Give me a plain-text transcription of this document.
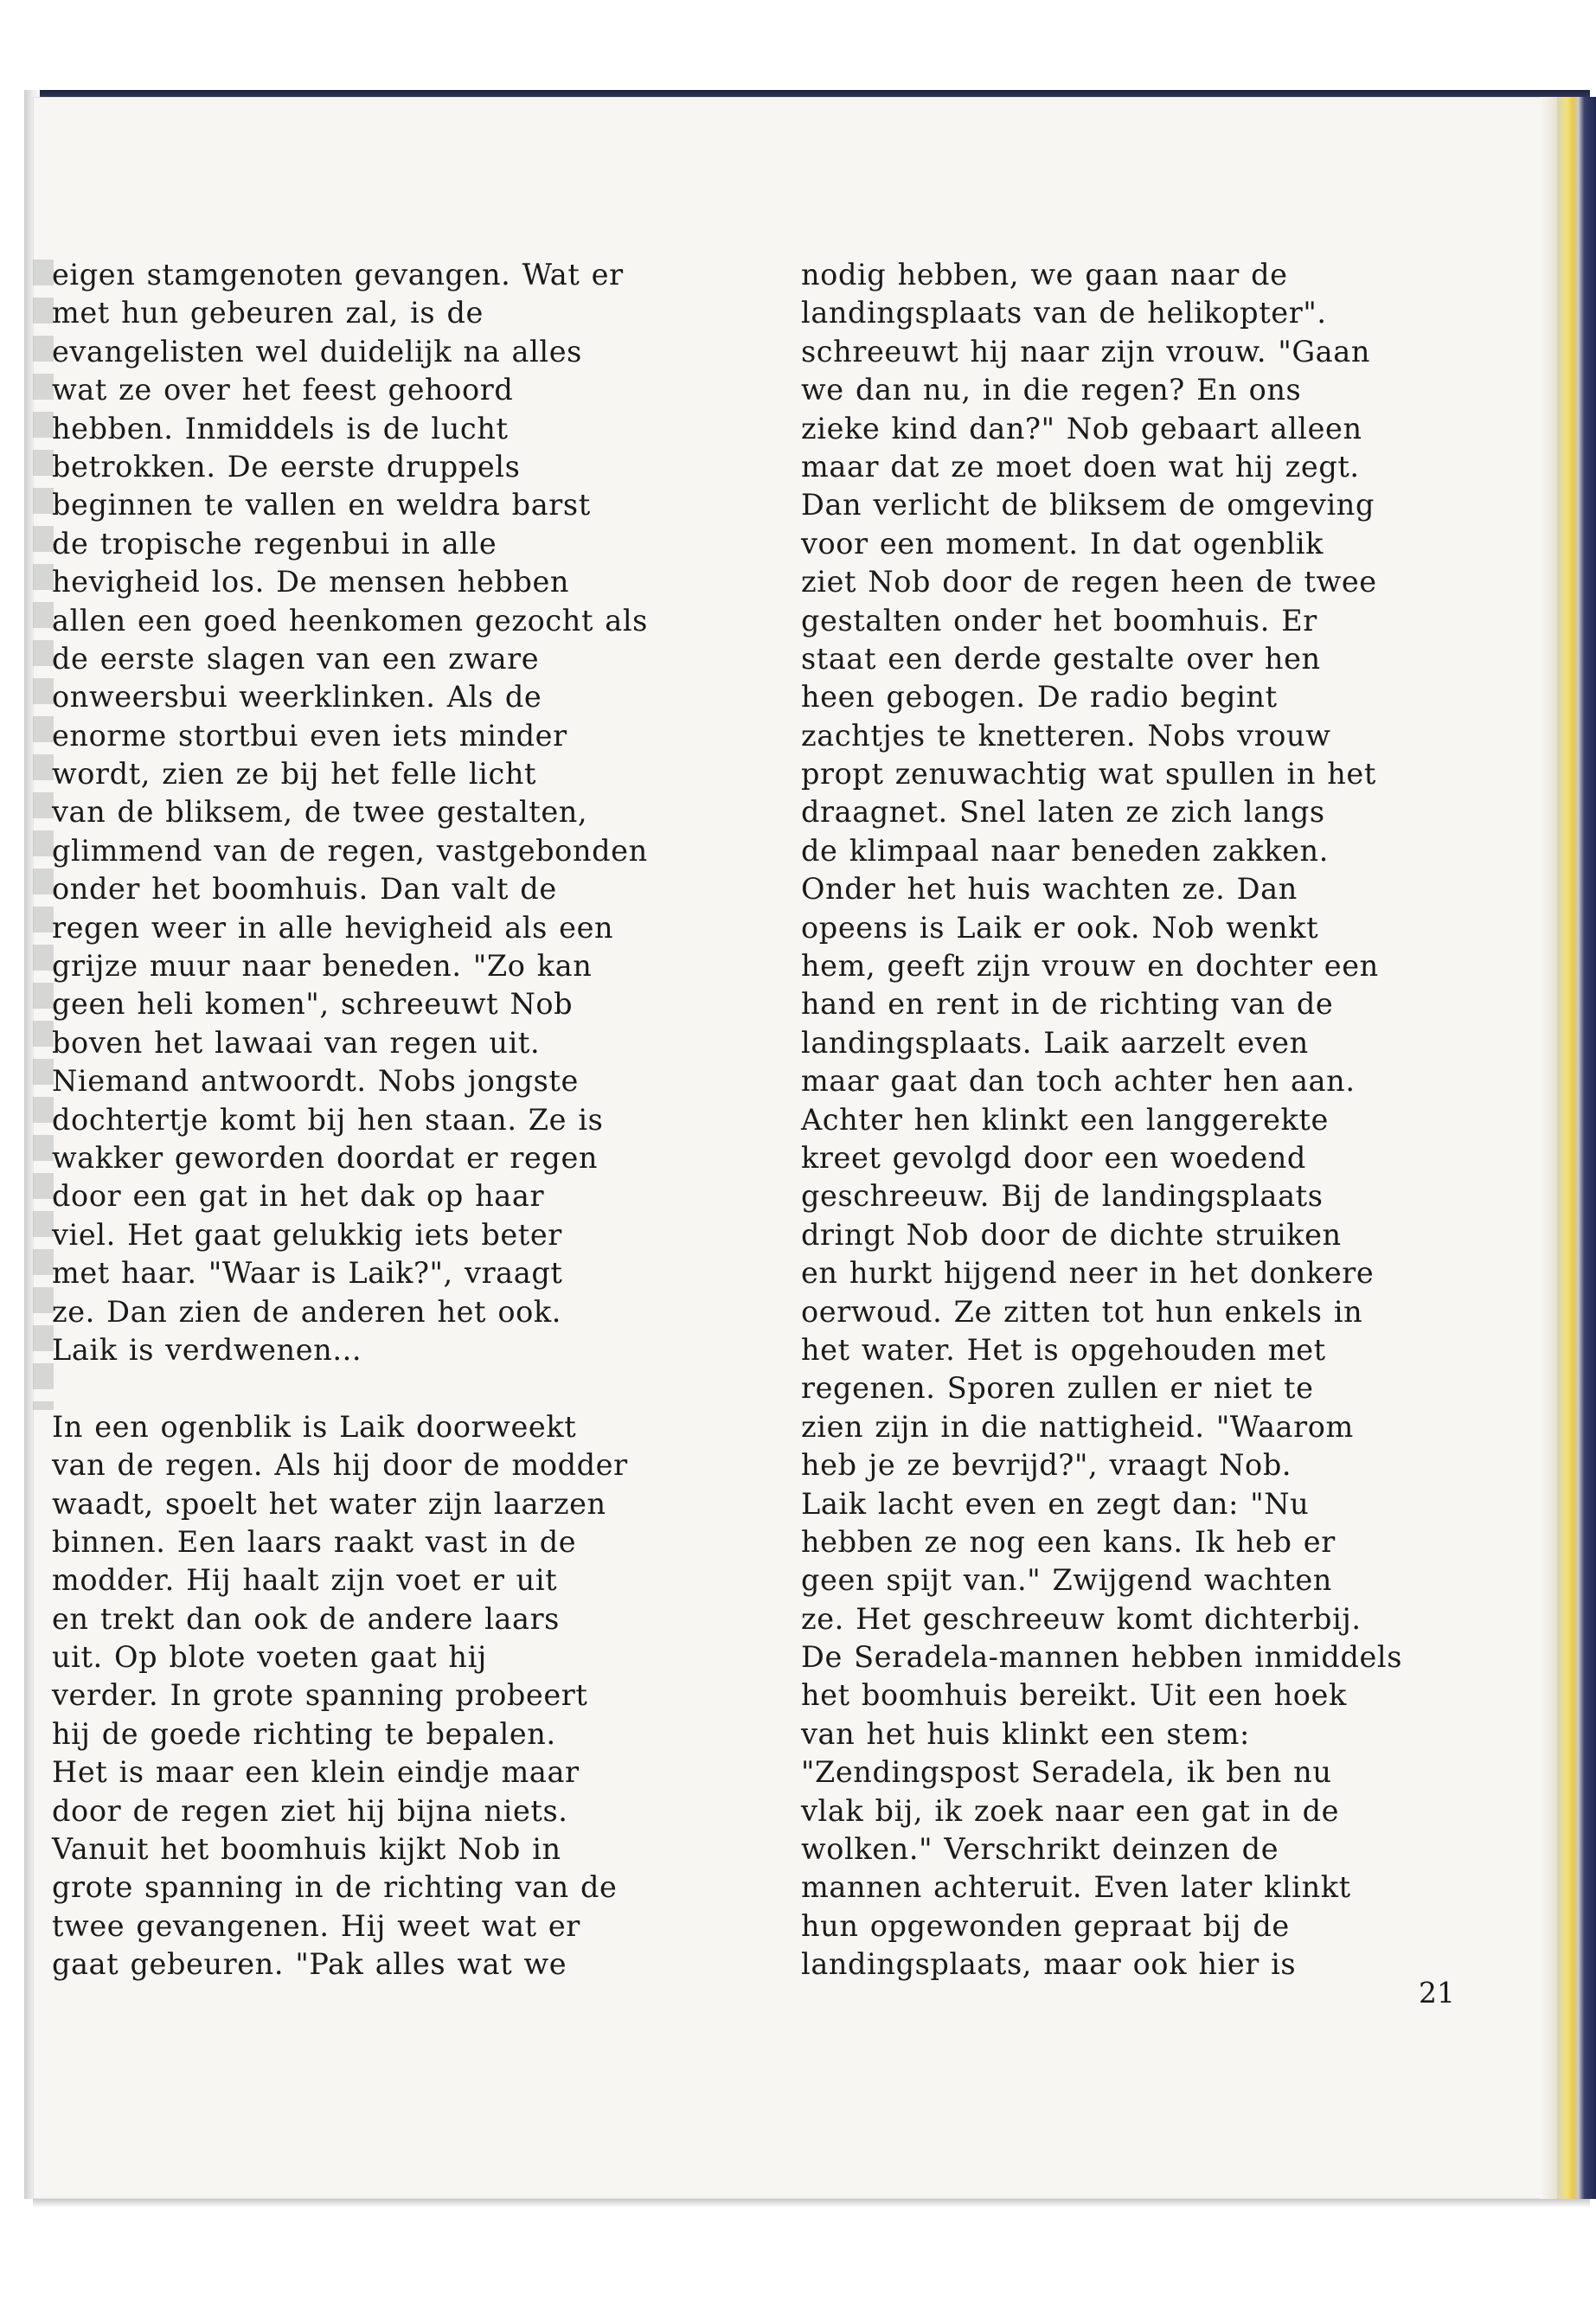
eigen stamgenoten gevangen. Wat er
met hun gebeuren zal, is de
evangelisten wel duidelijk na alles
wat ze over het feest gehoord
hebben. Inmiddels is de lucht
betrokken. De eerste druppels
beginnen te vallen en weldra barst
de tropische regenbui in alle
hevigheid los. De mensen hebben
allen een goed heenkomen gezocht als
de eerste slagen van een zware
onweersbui weerklinken. Als de
enorme stortbui even iets minder
wordt, zien ze bij het felle licht
van de bliksem, de twee gestalten,
glimmend van de regen, vastgebonden
onder het boomhuis. Dan valt de
regen weer in alle hevigheid als een
grijze muur naar beneden. "Zo kan
geen heli komen", schreeuwt Nob
boven het lawaai van regen uit.
Niemand antwoordt. Nobs jongste
dochtertje komt bij hen staan. Ze is
wakker geworden doordat er regen
door een gat in het dak op haar
viel. Het gaat gelukkig iets beter
met haar. "Waar is Laik?", vraagt
ze. Dan zien de anderen het ook.
Laik is verdwenen...
In een ogenblik is Laik doorweekt
van de regen. Als hij door de modder
waadt, spoelt het water zijn laarzen
binnen. Een laars raakt vast in de
modder. Hij haalt zijn voet er uit
en trekt dan ook de andere laars
uit. Op blote voeten gaat hij
verder. In grote spanning probeert
hij de goede richting te bepalen.
Het is maar een klein eindje maar
door de regen ziet hij bijna niets.
Vanuit het boomhuis kijkt Nob in
grote spanning in de richting van de
twee gevangenen. Hij weet wat er
gaat gebeuren. "Pak alles wat we
nodig hebben, we gaan naar de
landingsplaats van de helikopter".
schreeuwt hij naar zijn vrouw. "Gaan
we dan nu, in die regen? En ons
zieke kind dan?" Nob gebaart alleen
maar dat ze moet doen wat hij zegt.
Dan verlicht de bliksem de omgeving
voor een moment. In dat ogenblik
ziet Nob door de regen heen de twee
gestalten onder het boomhuis. Er
staat een derde gestalte over hen
heen gebogen. De radio begint
zachtjes te knetteren. Nobs vrouw
propt zenuwachtig wat spullen in het
draagnet. Snel laten ze zich langs
de klimpaal naar beneden zakken.
Onder het huis wachten ze. Dan
opeens is Laik er ook. Nob wenkt
hem, geeft zijn vrouw en dochter een
hand en rent in de richting van de
landingsplaats. Laik aarzelt even
maar gaat dan toch achter hen aan.
Achter hen klinkt een langgerekte
kreet gevolgd door een woedend
geschreeuw. Bij de landingsplaats
dringt Nob door de dichte struiken
en hurkt hijgend neer in het donkere
oerwoud. Ze zitten tot hun enkels in
het water. Het is opgehouden met
regenen. Sporen zullen er niet te
zien zijn in die nattigheid. "Waarom
heb je ze bevrijd?", vraagt Nob.
Laik lacht even en zegt dan: "Nu
hebben ze nog een kans. Ik heb er
geen spijt van." Zwijgend wachten
ze. Het geschreeuw komt dichterbij.
De Seradela-mannen hebben inmiddels
het boomhuis bereikt. Uit een hoek
van het huis klinkt een stem:
"Zendingspost Seradela, ik ben nu
vlak bij, ik zoek naar een gat in de
wolken." Verschrikt deinzen de
mannen achteruit. Even later klinkt
hun opgewonden gepraat bij de
landingsplaats, maar ook hier is
21
